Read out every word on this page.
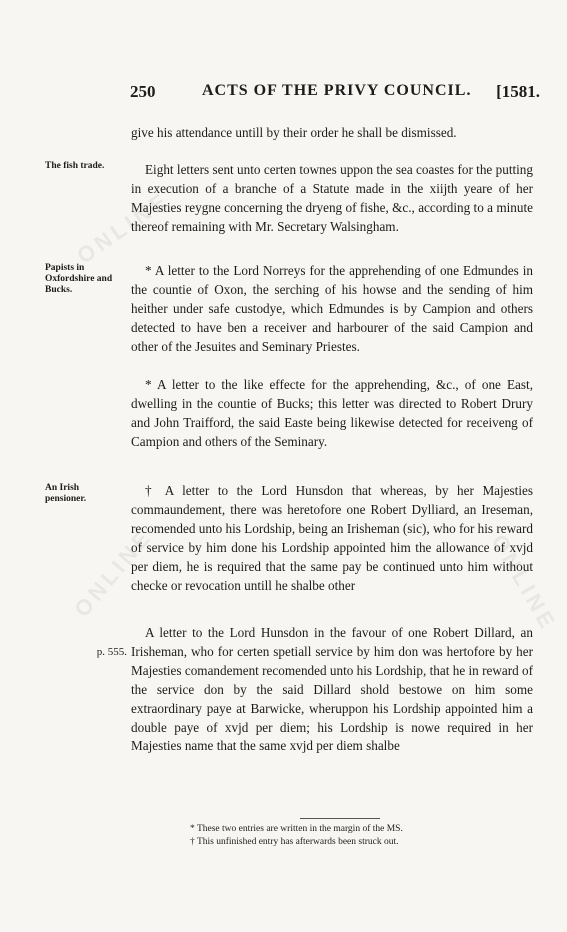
ONLINE
ONLINE
ONLINE
250	ACTS OF THE PRIVY COUNCIL. [1581.
give his attendance untill by their order he shall be dismissed.
The fish trade.	Eight letters sent unto certen townes uppon the sea coastes for the putting in execution of a branche of a Statute made in the xiijth yeare of her Majesties reygne concerning the dryeng of fishe, &c., according to a minute thereof remaining with Mr. Secretary Walsingham.
Papists in Oxfordshire and Bucks.
* A letter to the Lord Norreys for the apprehending of one Edmundes in the countie of Oxon, the serching of his howse and the sending of him heither under safe custodye, which Edmundes is by Campion and others detected to have ben a receiver and harbourer of the said Campion and other of the Jesuites and Seminary Priestes.
* A letter to the like effecte for the apprehending, &c., of one East, dwelling in the countie of Bucks; this letter was directed to Robert Drury and John Traifford, the said Easte being likewise detected for receiveng of Campion and others of the Seminary.
An Irish pensioner.
† A letter to the Lord Hunsdon that whereas, by her Majesties commaundement, there was heretofore one Robert Dylliard, an Ireseman, recomended unto his Lordship, being an Irisheman (sic), who for his reward of service by him done his Lordship appointed him the allowance of xvjd per diem, he is required that the same pay be continued unto him without checke or revocation untill he shalbe other
p. 555.
A letter to the Lord Hunsdon in the favour of one Robert Dillard, an Irisheman, who for certen spetiall service by him don was hertofore by her Majesties comandement recomended unto his Lordship, that he in reward of the service don by the said Dillard shold bestowe on him some extraordinary paye at Barwicke, wheruppon his Lordship appointed him a double paye of xvjd per diem; his Lordship is nowe required in her Majesties name that the same xvjd per diem shalbe
* These two entries are written in the margin of the MS.
† This unfinished entry has afterwards been struck out.
